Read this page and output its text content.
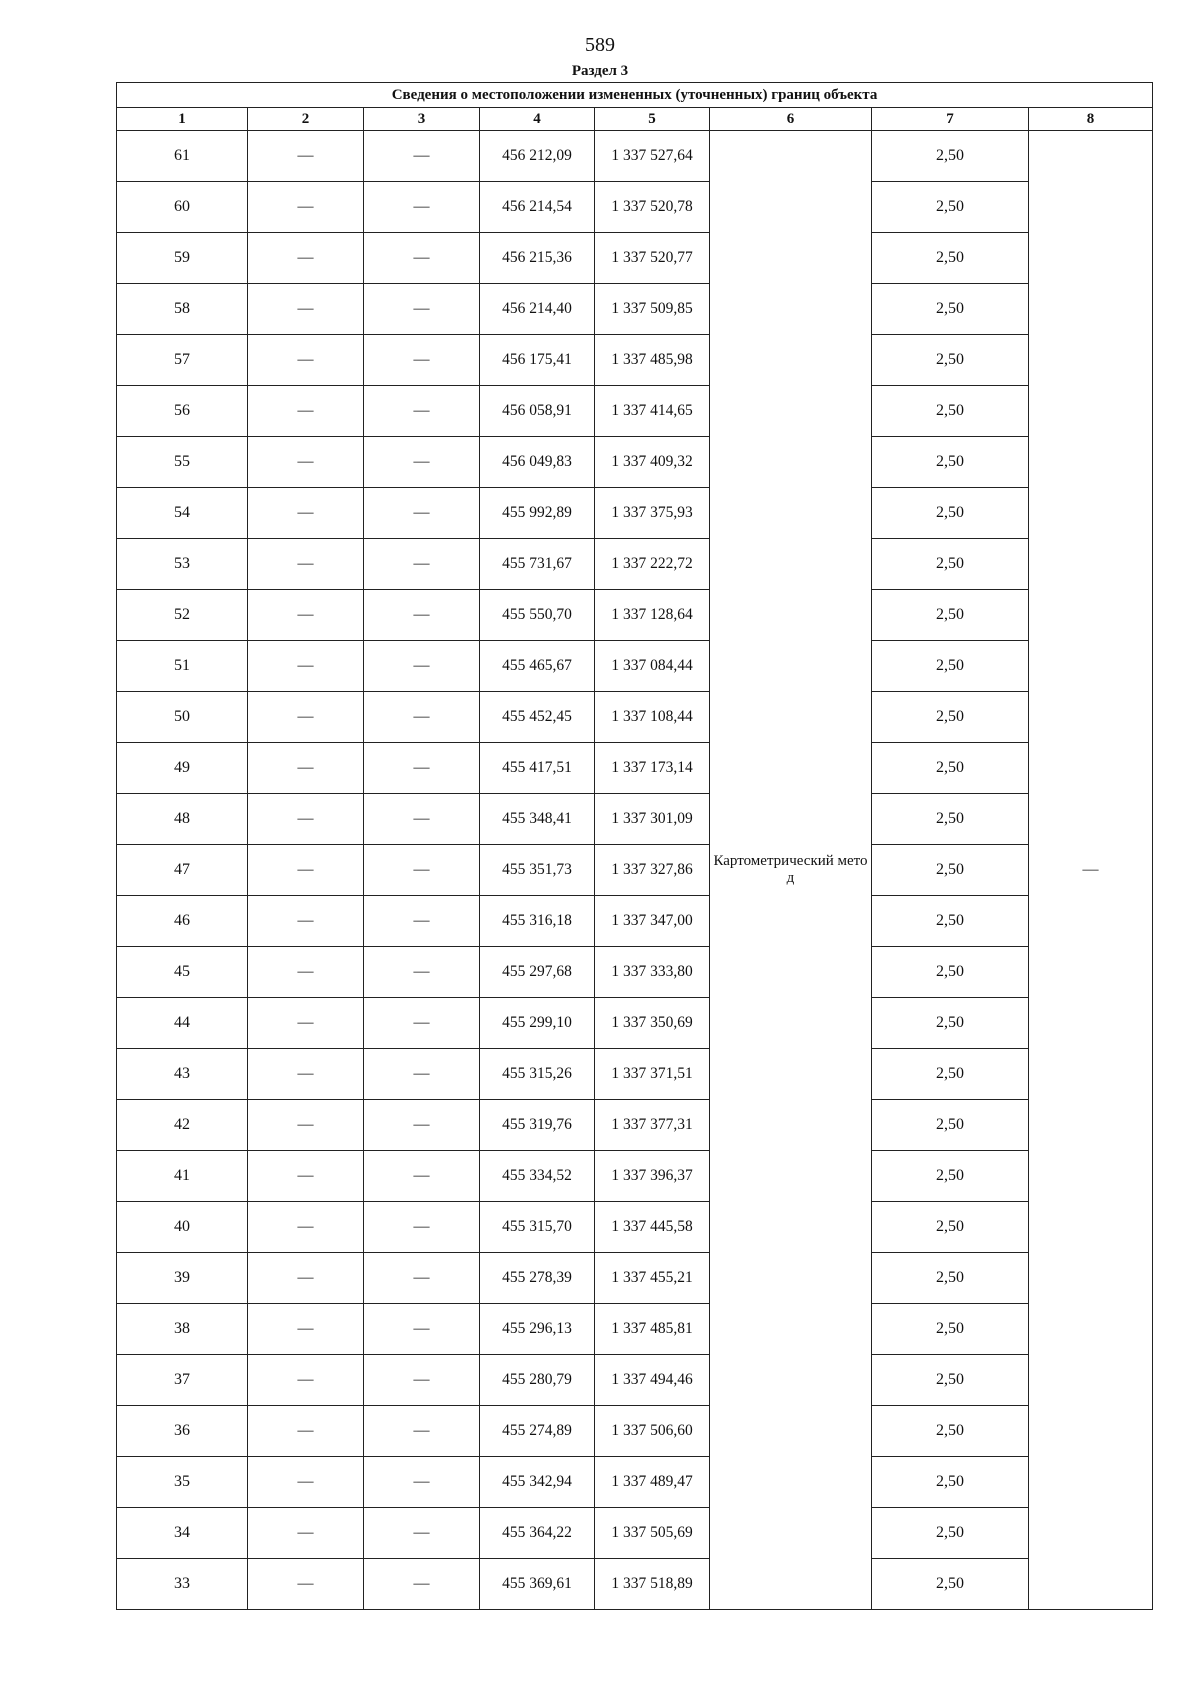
589
Раздел 3
Сведения о местоположении измененных (уточненных) границ объекта							
1	2	3	4	5	6	7	8
61	—	—	456 212,09	1 337 527,64	Картометрический метод	2,50	—
60	—	—	456 214,54	1 337 520,78		2,50	
59	—	—	456 215,36	1 337 520,77		2,50	
58	—	—	456 214,40	1 337 509,85		2,50	
57	—	—	456 175,41	1 337 485,98		2,50	
56	—	—	456 058,91	1 337 414,65		2,50	
55	—	—	456 049,83	1 337 409,32		2,50	
54	—	—	455 992,89	1 337 375,93		2,50	
53	—	—	455 731,67	1 337 222,72		2,50	
52	—	—	455 550,70	1 337 128,64		2,50	
51	—	—	455 465,67	1 337 084,44		2,50	
50	—	—	455 452,45	1 337 108,44		2,50	
49	—	—	455 417,51	1 337 173,14		2,50	
48	—	—	455 348,41	1 337 301,09		2,50	
47	—	—	455 351,73	1 337 327,86		2,50	
46	—	—	455 316,18	1 337 347,00		2,50	
45	—	—	455 297,68	1 337 333,80		2,50	
44	—	—	455 299,10	1 337 350,69		2,50	
43	—	—	455 315,26	1 337 371,51		2,50	
42	—	—	455 319,76	1 337 377,31		2,50	
41	—	—	455 334,52	1 337 396,37		2,50	
40	—	—	455 315,70	1 337 445,58		2,50	
39	—	—	455 278,39	1 337 455,21		2,50	
38	—	—	455 296,13	1 337 485,81		2,50	
37	—	—	455 280,79	1 337 494,46		2,50	
36	—	—	455 274,89	1 337 506,60		2,50	
35	—	—	455 342,94	1 337 489,47		2,50	
34	—	—	455 364,22	1 337 505,69		2,50	
33	—	—	455 369,61	1 337 518,89		2,50	
